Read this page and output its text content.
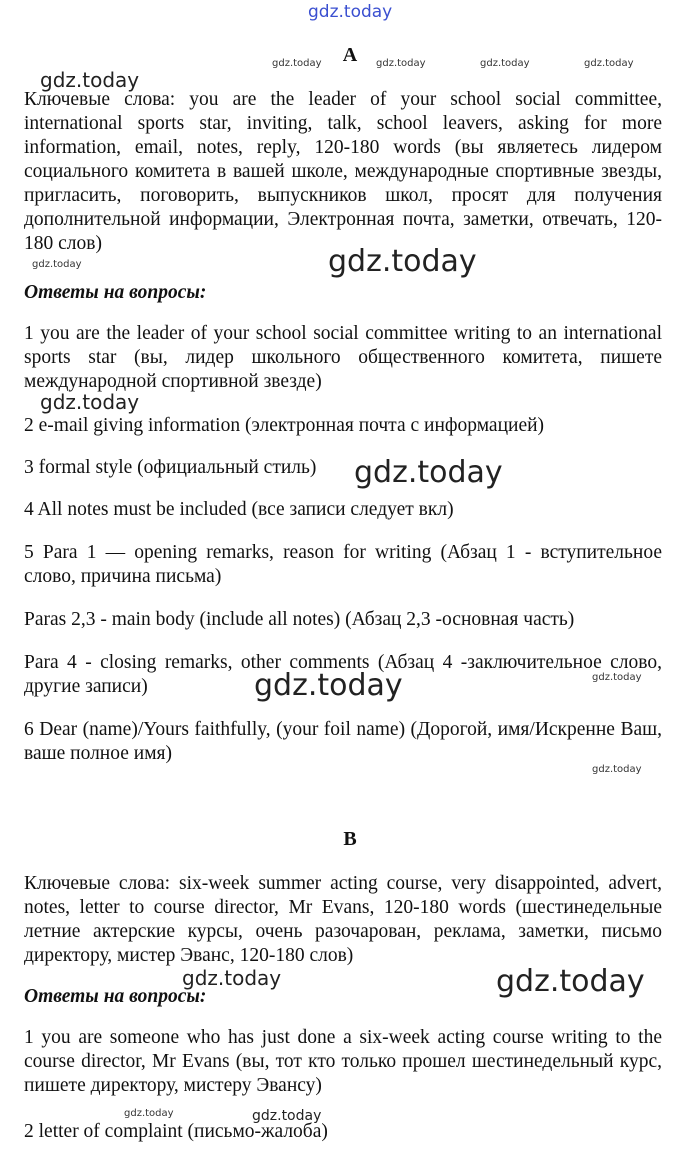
A
Ключевые слова: you are the leader of your school social committee, international sports star, inviting, talk, school leavers, asking for more information, email, notes, reply, 120-180 words (вы являетесь лидером социального комитета в вашей школе, международные спортивные звезды, пригласить, поговорить, выпускников школ, просят для получения дополнительной информации, Электронная почта, заметки, отвечать, 120-180 слов)
Ответы на вопросы:
1 you are the leader of your school social committee writing to an international sports star (вы, лидер школьного общественного комитета, пишете международной спортивной звезде)
2 e-mail giving information (электронная почта с информацией)
3 formal style (официальный стиль)
4 All notes must be included (все записи следует вкл)
5 Para 1 — opening remarks, reason for writing (Абзац 1 - вступительное слово, причина письма)
Paras 2,3 - main body (include all notes) (Абзац 2,3 -основная часть)
Para 4 - closing remarks, other comments (Абзац 4 -заключительное слово, другие записи)
6 Dear (name)/Yours faithfully, (your foil name) (Дорогой, имя/Искренне Ваш, ваше полное имя)
B
Ключевые слова: six-week summer acting course, very disappointed, advert, notes, letter to course director, Mr Evans, 120-180 words (шестинедельные летние актерские курсы, очень разочарован, реклама, заметки, письмо директору, мистер Эванс, 120-180 слов)
Ответы на вопросы:
1 you are someone who has just done a six-week acting course writing to the course director, Mr Evans (вы, тот кто только прошел шестинедельный курс, пишете директору, мистеру Эвансу)
2 letter of complaint (письмо-жалоба)
gdz.today
gdz.today	gdz.today	gdz.today	gdz.today
gdz.today
gdz.today	gdz.today
gdz.today
gdz.today
gdz.today
gdz.today
gdz.today
gdz.today	gdz.today
gdz.today	gdz.today
